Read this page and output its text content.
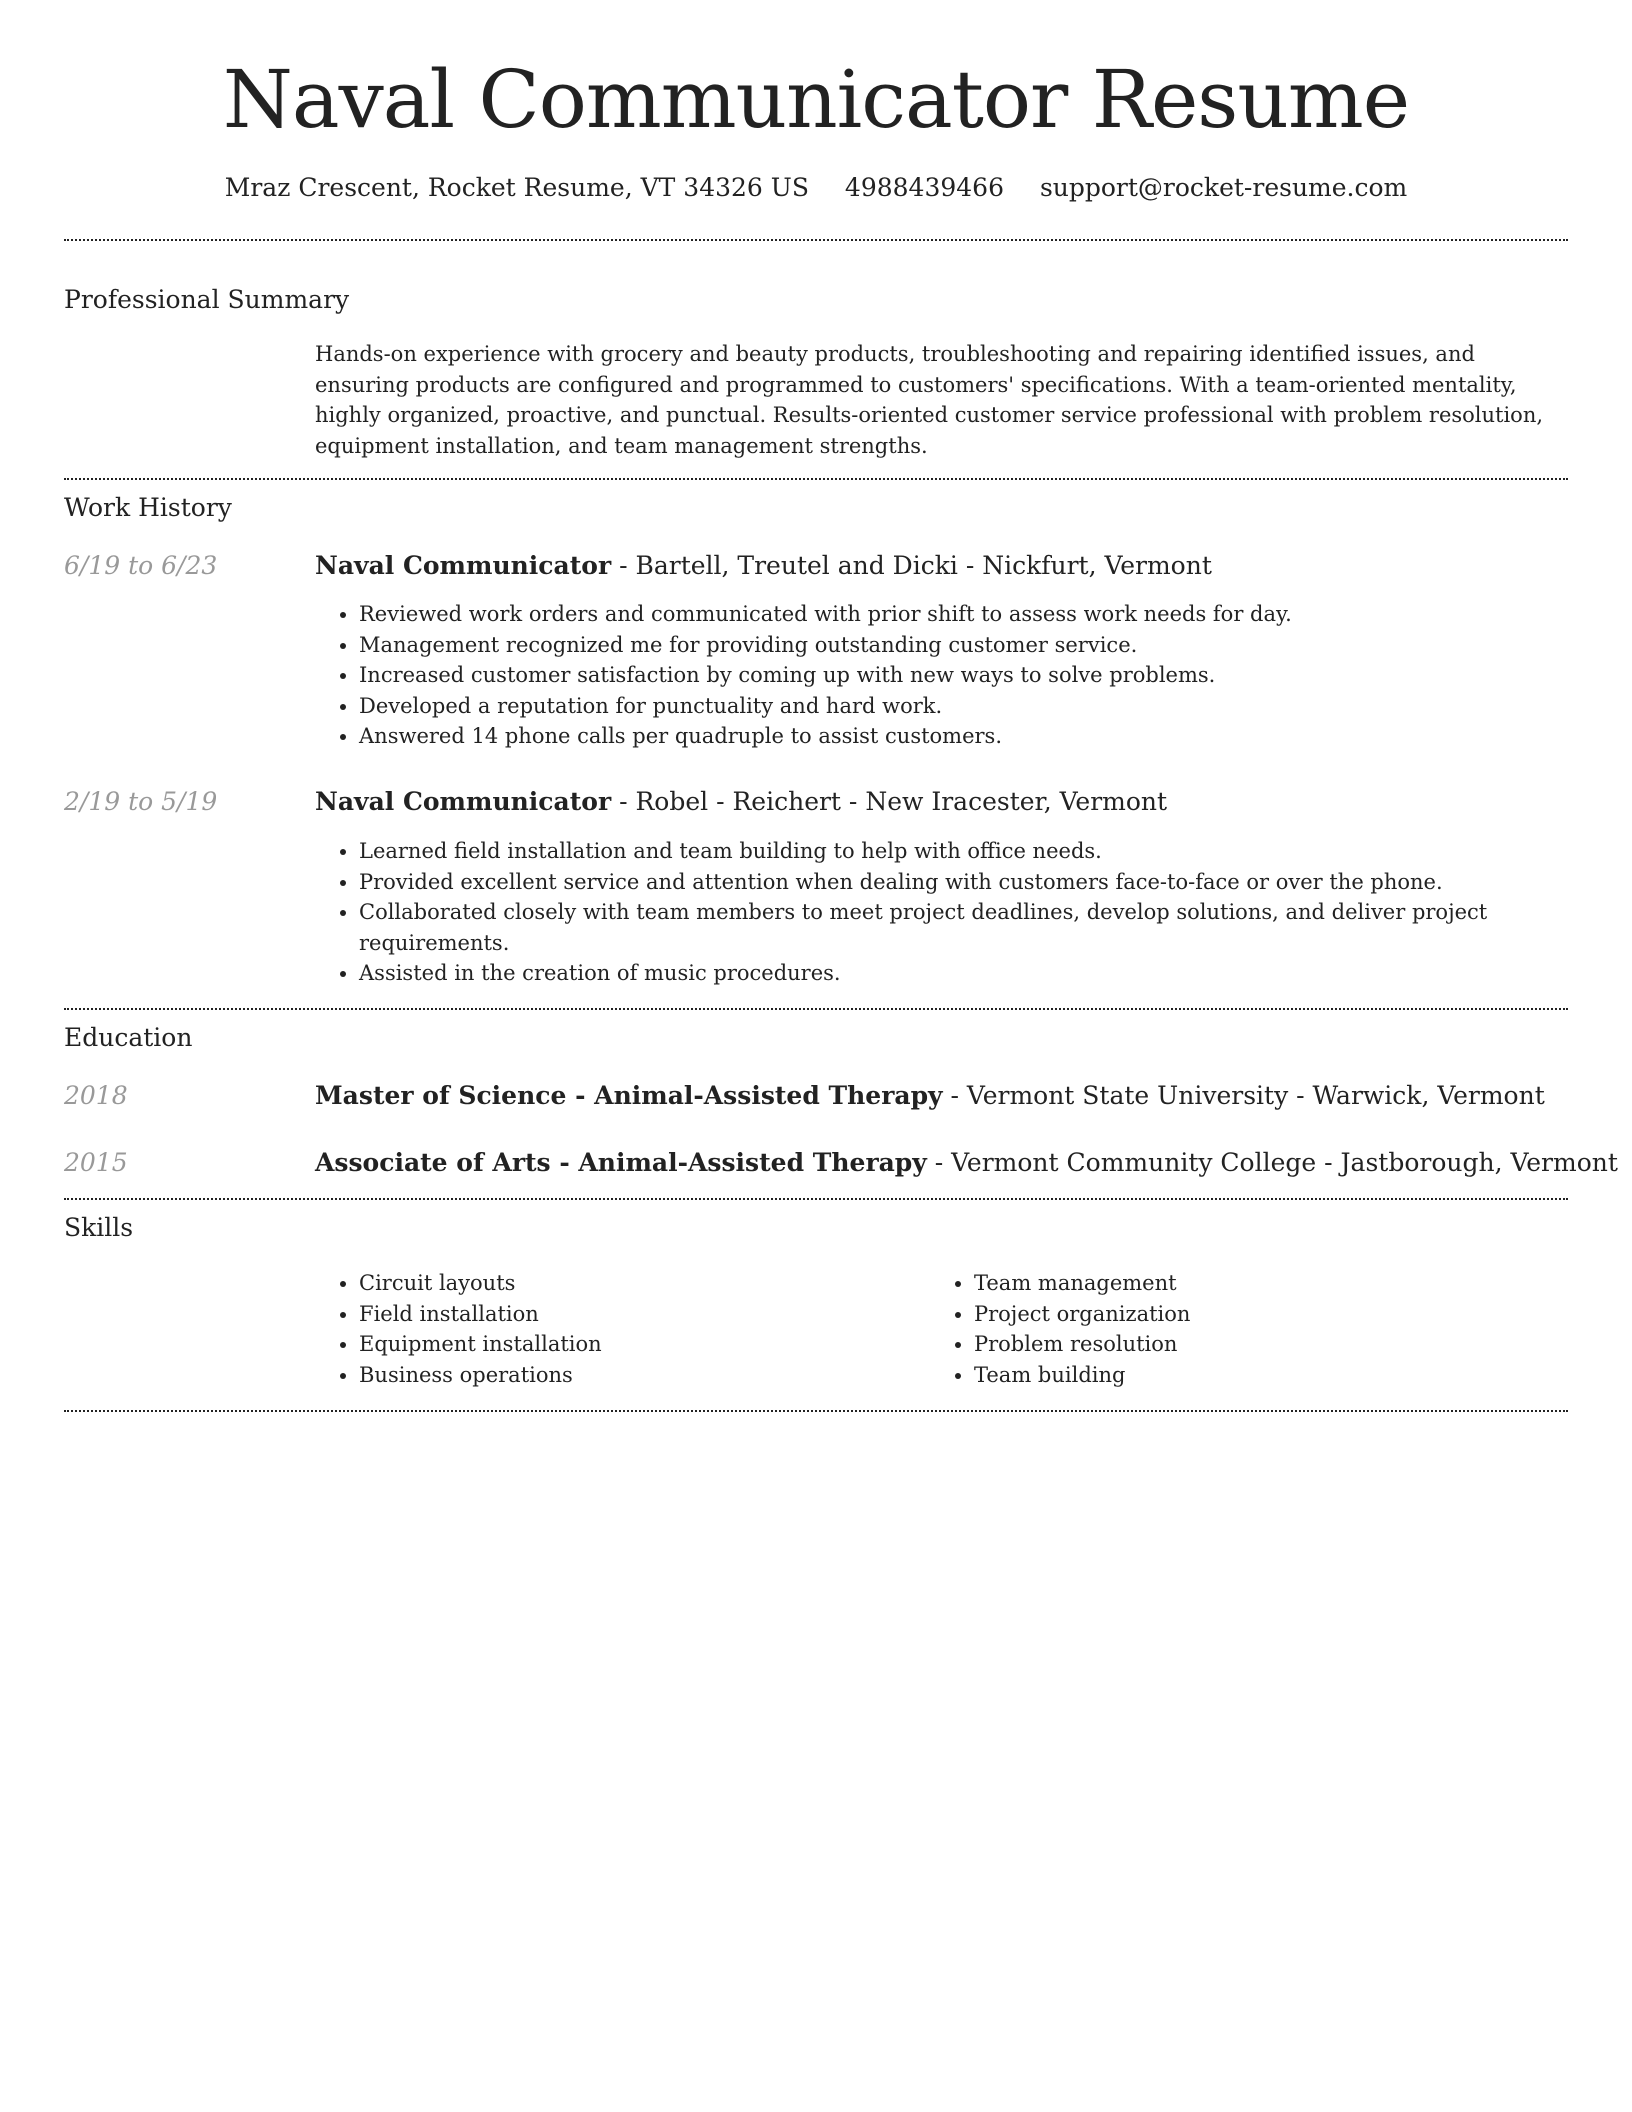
Naval Communicator Resume
Mraz Crescent, Rocket Resume, VT 34326 US 4988439466 support@rocket-resume.com
Professional Summary

Hands-on experience with grocery and beauty products, troubleshooting and repairing identified issues, and ensuring products are configured and programmed to customers' specifications. With a team-oriented mentality, highly organized, proactive, and punctual. Results-oriented customer service professional with problem resolution, equipment installation, and team management strengths.

Work History
6/19 to 6/23	Naval Communicator - Bartell, Treutel and Dicki - Nickfurt, Vermont
• Reviewed work orders and communicated with prior shift to assess work needs for day.
• Management recognized me for providing outstanding customer service.
• Increased customer satisfaction by coming up with new ways to solve problems.
• Developed a reputation for punctuality and hard work.
• Answered 14 phone calls per quadruple to assist customers.
2/19 to 5/19	Naval Communicator - Robel - Reichert - New Iracester, Vermont
• Learned field installation and team building to help with office needs.
• Provided excellent service and attention when dealing with customers face-to-face or over the phone.
• Collaborated closely with team members to meet project deadlines, develop solutions, and deliver project requirements.
• Assisted in the creation of music procedures.
Education
2018	Master of Science - Animal-Assisted Therapy - Vermont State University - Warwick, Vermont
2015	Associate of Arts - Animal-Assisted Therapy - Vermont Community College - Jastborough, Vermont
Skills
• Circuit layouts
• Field installation
• Equipment installation
• Business operations
• Team management
• Project organization
• Problem resolution
• Team building
